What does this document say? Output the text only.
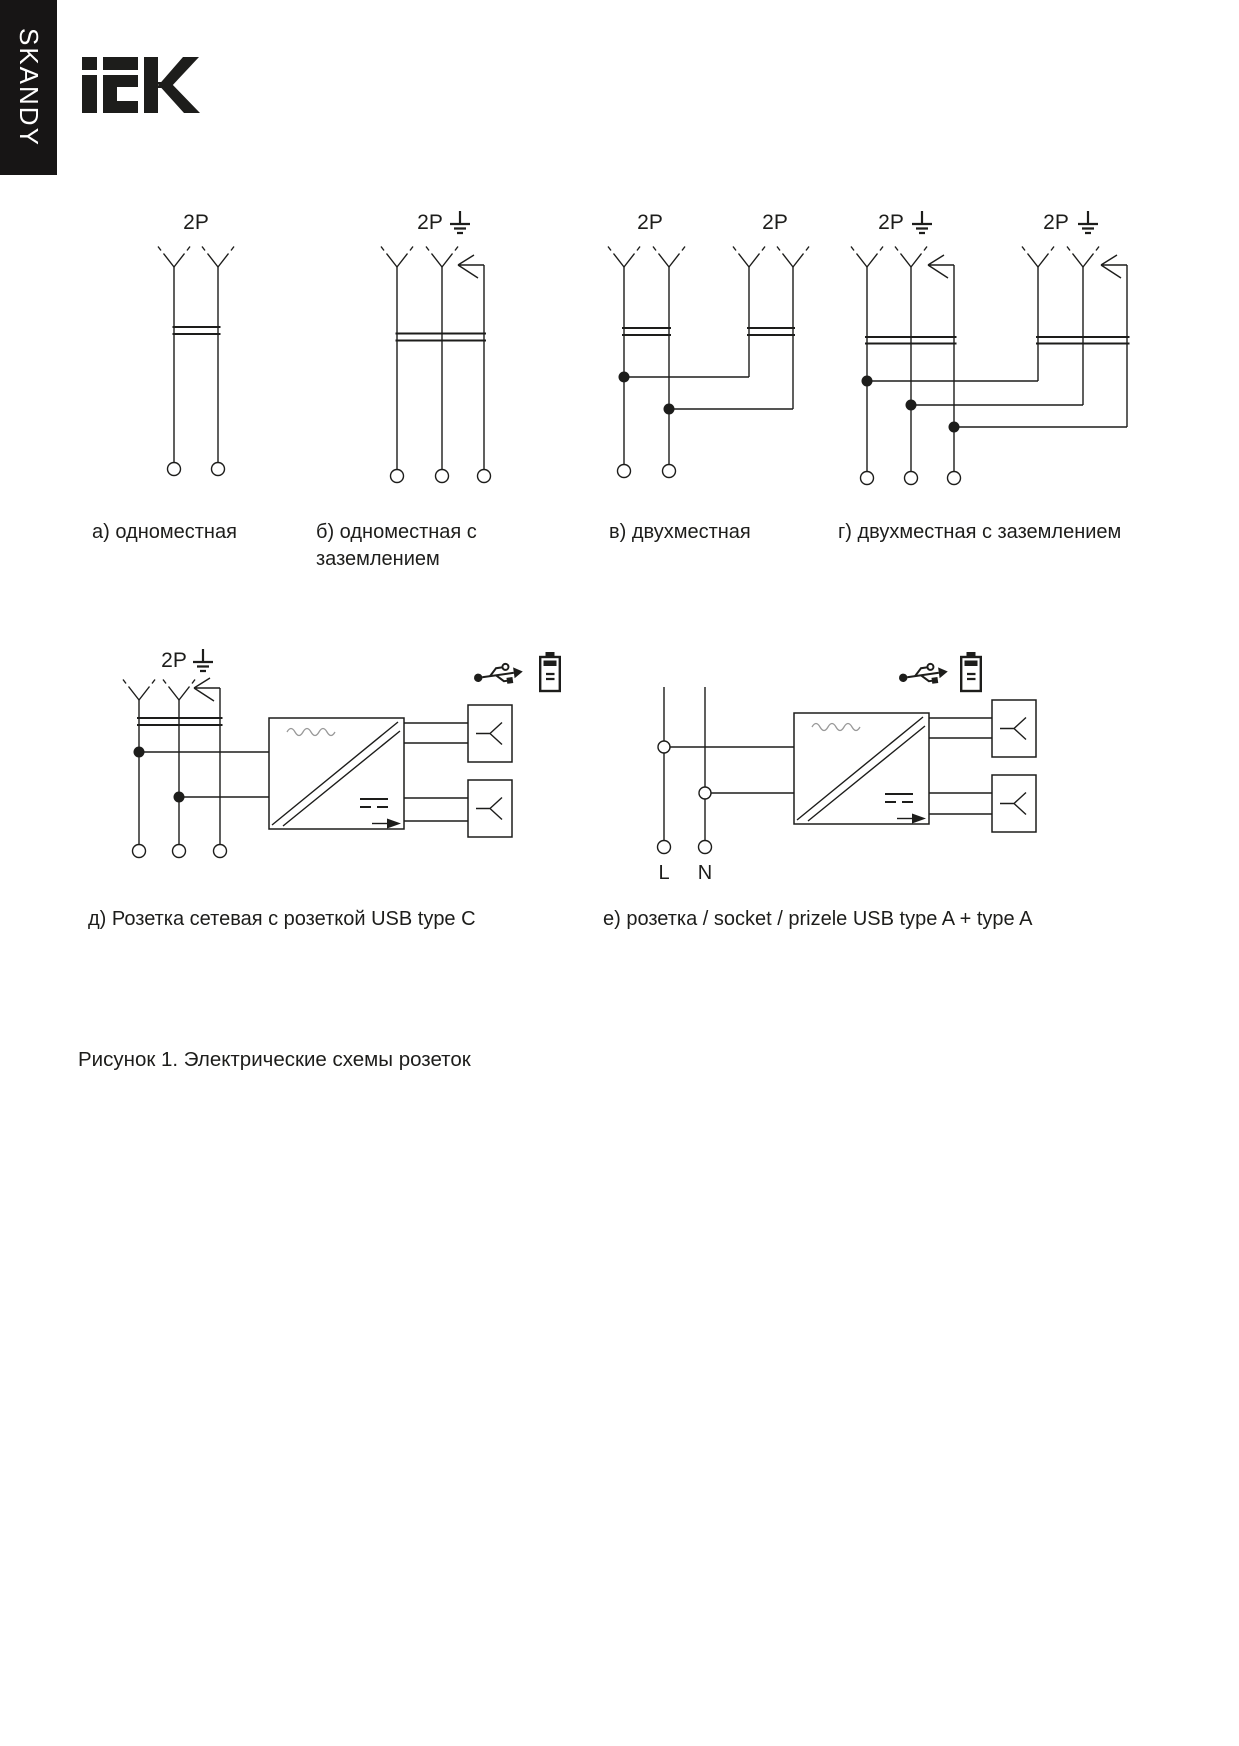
SKANDY
2P	2P	2P	2P	2P	2P
2P
L N
а) одноместная	б) одноместная с
заземлением
в) двухместная	г) двухместная с заземлением
д) Розетка сетевая с розеткой USB type C	е) розетка / socket / prizele USB type A + type A
Рисунок 1. Электрические схемы розеток
